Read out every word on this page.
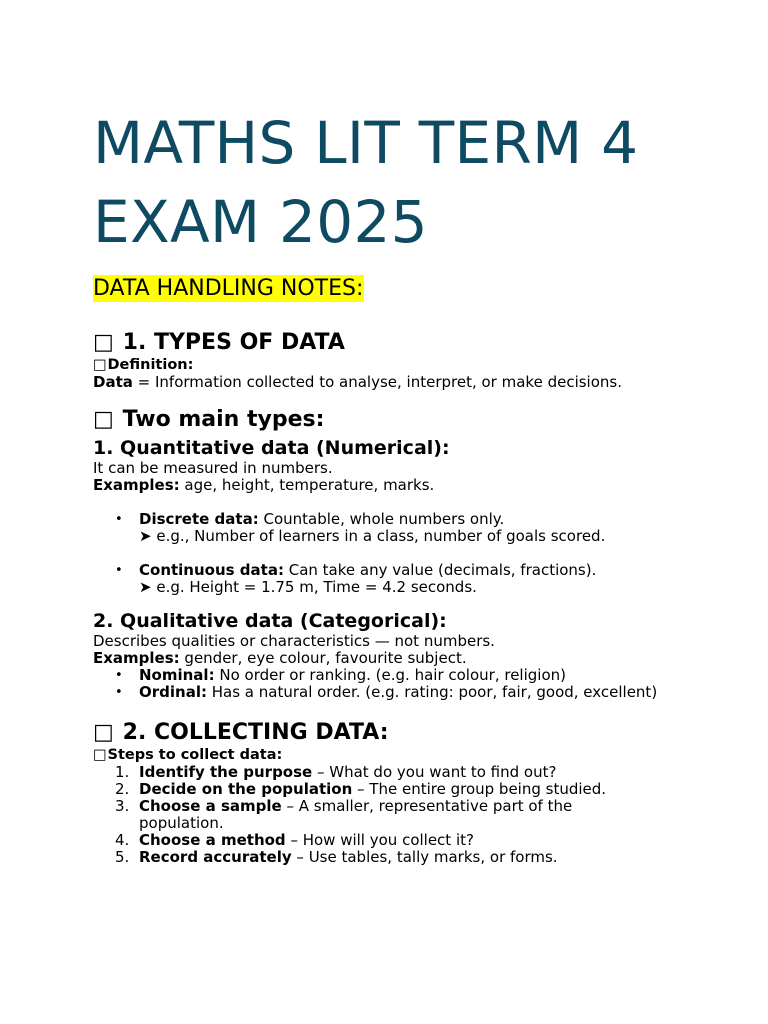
MATHS LIT TERM 4
EXAM 2025
DATA HANDLING NOTES:
□ 1. TYPES OF DATA

□Definition:

Data = Information collected to analyse, interpret, or make decisions.

□ Two main types:
1. Quantitative data (Numerical):

It can be measured in numbers.

Examples: age, height, temperature, marks.

• Discrete data: Countable, whole numbers only.
➤ e.g., Number of learners in a class, number of goals scored.
• Continuous data: Can take any value (decimals, fractions).
➤ e.g. Height = 1.75 m, Time = 4.2 seconds.
2. Qualitative data (Categorical):

Describes qualities or characteristics — not numbers.

Examples: gender, eye colour, favourite subject.

• Nominal: No order or ranking. (e.g. hair colour, religion)
• Ordinal: Has a natural order. (e.g. rating: poor, fair, good, excellent)
□ 2. COLLECTING DATA:

□Steps to collect data:

1. Identify the purpose – What do you want to find out?
2. Decide on the population – The entire group being studied.
3. Choose a sample – A smaller, representative part of the
population.
4. Choose a method – How will you collect it?
5. Record accurately – Use tables, tally marks, or forms.
